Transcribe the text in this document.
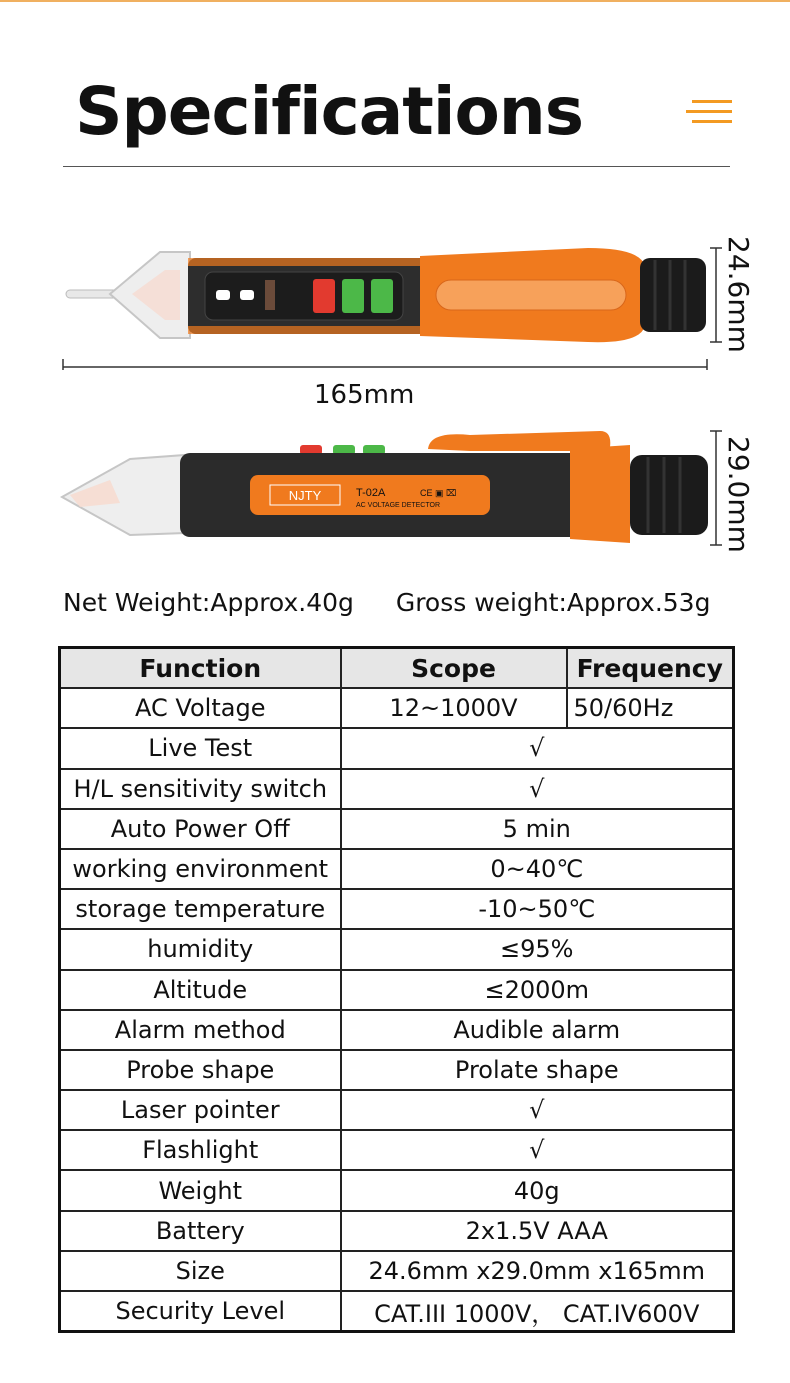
Specifications
24.6mm
165mm
NJTY	T-02A
AC VOLTAGE DETECTOR
CE ▣ ⌧	29.0mm
Net Weight:Approx.40g Gross weight:Approx.53g
Function	Scope	Frequency
AC Voltage	12~1000V	50/60Hz
Live Test	√	
H/L sensitivity switch	√	
Auto Power Off	5 min	
working environment	0~40℃	
storage temperature	-10~50℃	
humidity	≤95%	
Altitude	≤2000m	
Alarm method	Audible alarm	
Probe shape	Prolate shape	
Laser pointer	√	
Flashlight	√	
Weight	40g	
Battery	2x1.5V AAA	
Size	24.6mm x29.0mm x165mm	
Security Level	CAT.III 1000V， CAT.IV600V	
